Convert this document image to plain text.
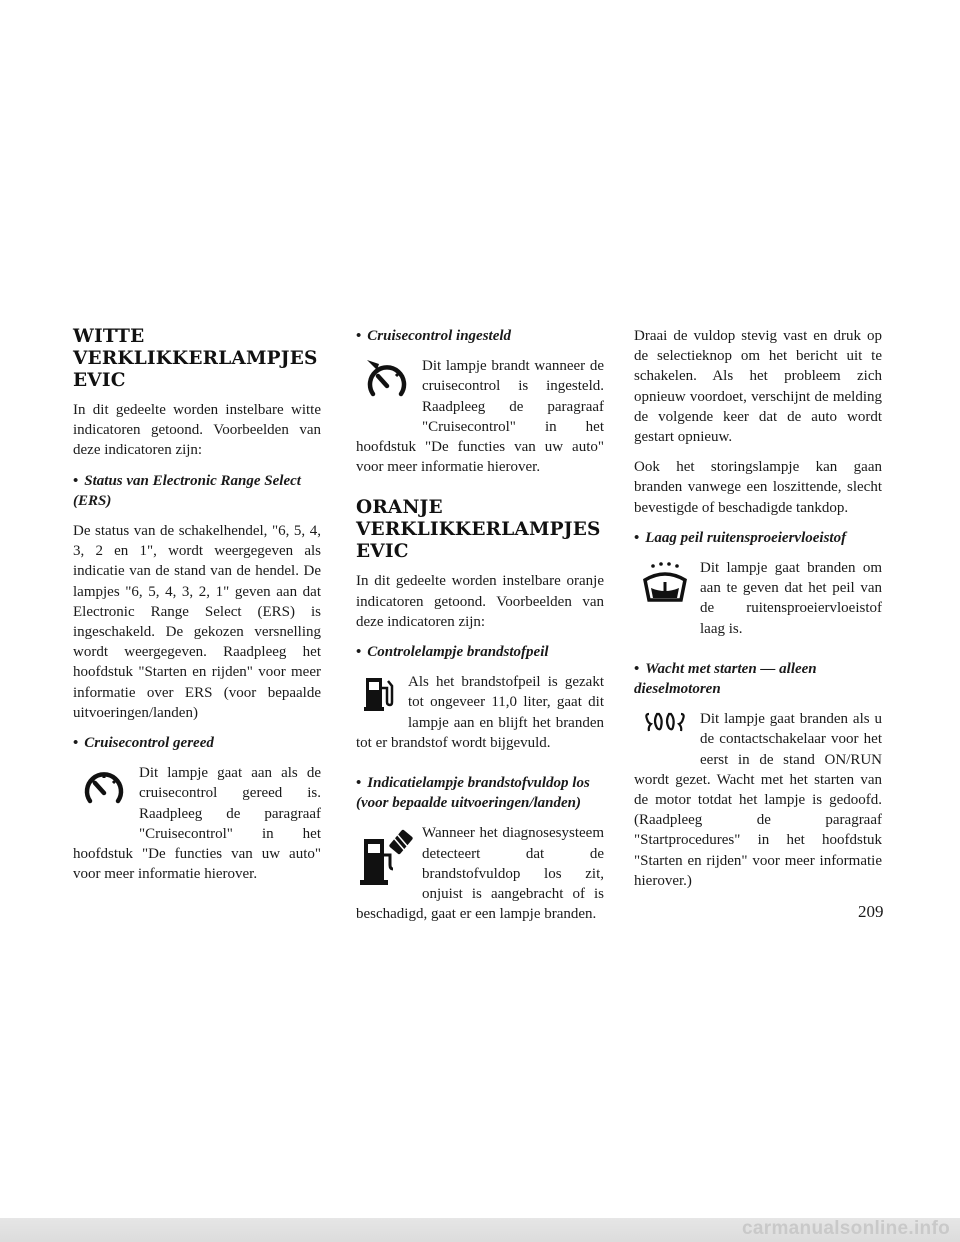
WITTE VERKLIKKERLAMPJES EVIC

In dit gedeelte worden instelbare witte indicatoren getoond. Voorbeelden van deze indicatoren zijn:

• Status van Electronic Range Select (ERS)

De status van de schakelhendel, "6, 5, 4, 3, 2 en 1", wordt weergegeven als indicatie van de stand van de hendel. De lampjes "6, 5, 4, 3, 2, 1" geven aan dat Electronic Range Select (ERS) is ingeschakeld. De gekozen versnelling wordt weergegeven. Raadpleeg het hoofdstuk "Starten en rijden" voor meer informatie over ERS (voor bepaalde uitvoeringen/landen)

• Cruisecontrol gereed

Dit lampje gaat aan als de cruisecontrol gereed is. Raadpleeg de paragraaf "Cruisecontrol" in het hoofdstuk "De functies van uw auto" voor meer informatie hierover.

• Cruisecontrol ingesteld

Dit lampje brandt wanneer de cruisecontrol is ingesteld. Raadpleeg de paragraaf "Cruisecontrol" in het hoofdstuk "De functies van uw auto" voor meer informatie hierover.

ORANJE VERKLIKKERLAMPJES EVIC

In dit gedeelte worden instelbare oranje indicatoren getoond. Voorbeelden van deze indicatoren zijn:

• Controlelampje brandstofpeil

Als het brandstofpeil is gezakt tot ongeveer 11,0 liter, gaat dit lampje aan en blijft het branden tot er brandstof wordt bijgevuld.

• Indicatielampje brandstofvuldop los (voor bepaalde uitvoeringen/landen)

Wanneer het diagnosesysteem detecteert dat de brandstofvuldop los zit, onjuist is aangebracht of is beschadigd, gaat er een lampje branden.

Draai de vuldop stevig vast en druk op de selectieknop om het bericht uit te schakelen. Als het probleem zich opnieuw voordoet, verschijnt de melding de volgende keer dat de auto wordt gestart opnieuw.

Ook het storingslampje kan gaan branden vanwege een loszittende, slecht bevestigde of beschadigde tankdop.

• Laag peil ruitensproeiervloeistof

Dit lampje gaat branden om aan te geven dat het peil van de ruitensproeiervloeistof laag is.

• Wacht met starten — alleen dieselmotoren

Dit lampje gaat branden als u de contactschakelaar voor het eerst in de stand ON/RUN wordt gezet. Wacht met het starten van de motor totdat het lampje is gedoofd. (Raadpleeg de paragraaf "Startprocedures" in het hoofdstuk "Starten en rijden" voor meer informatie hierover.)

209
carmanualsonline.info
